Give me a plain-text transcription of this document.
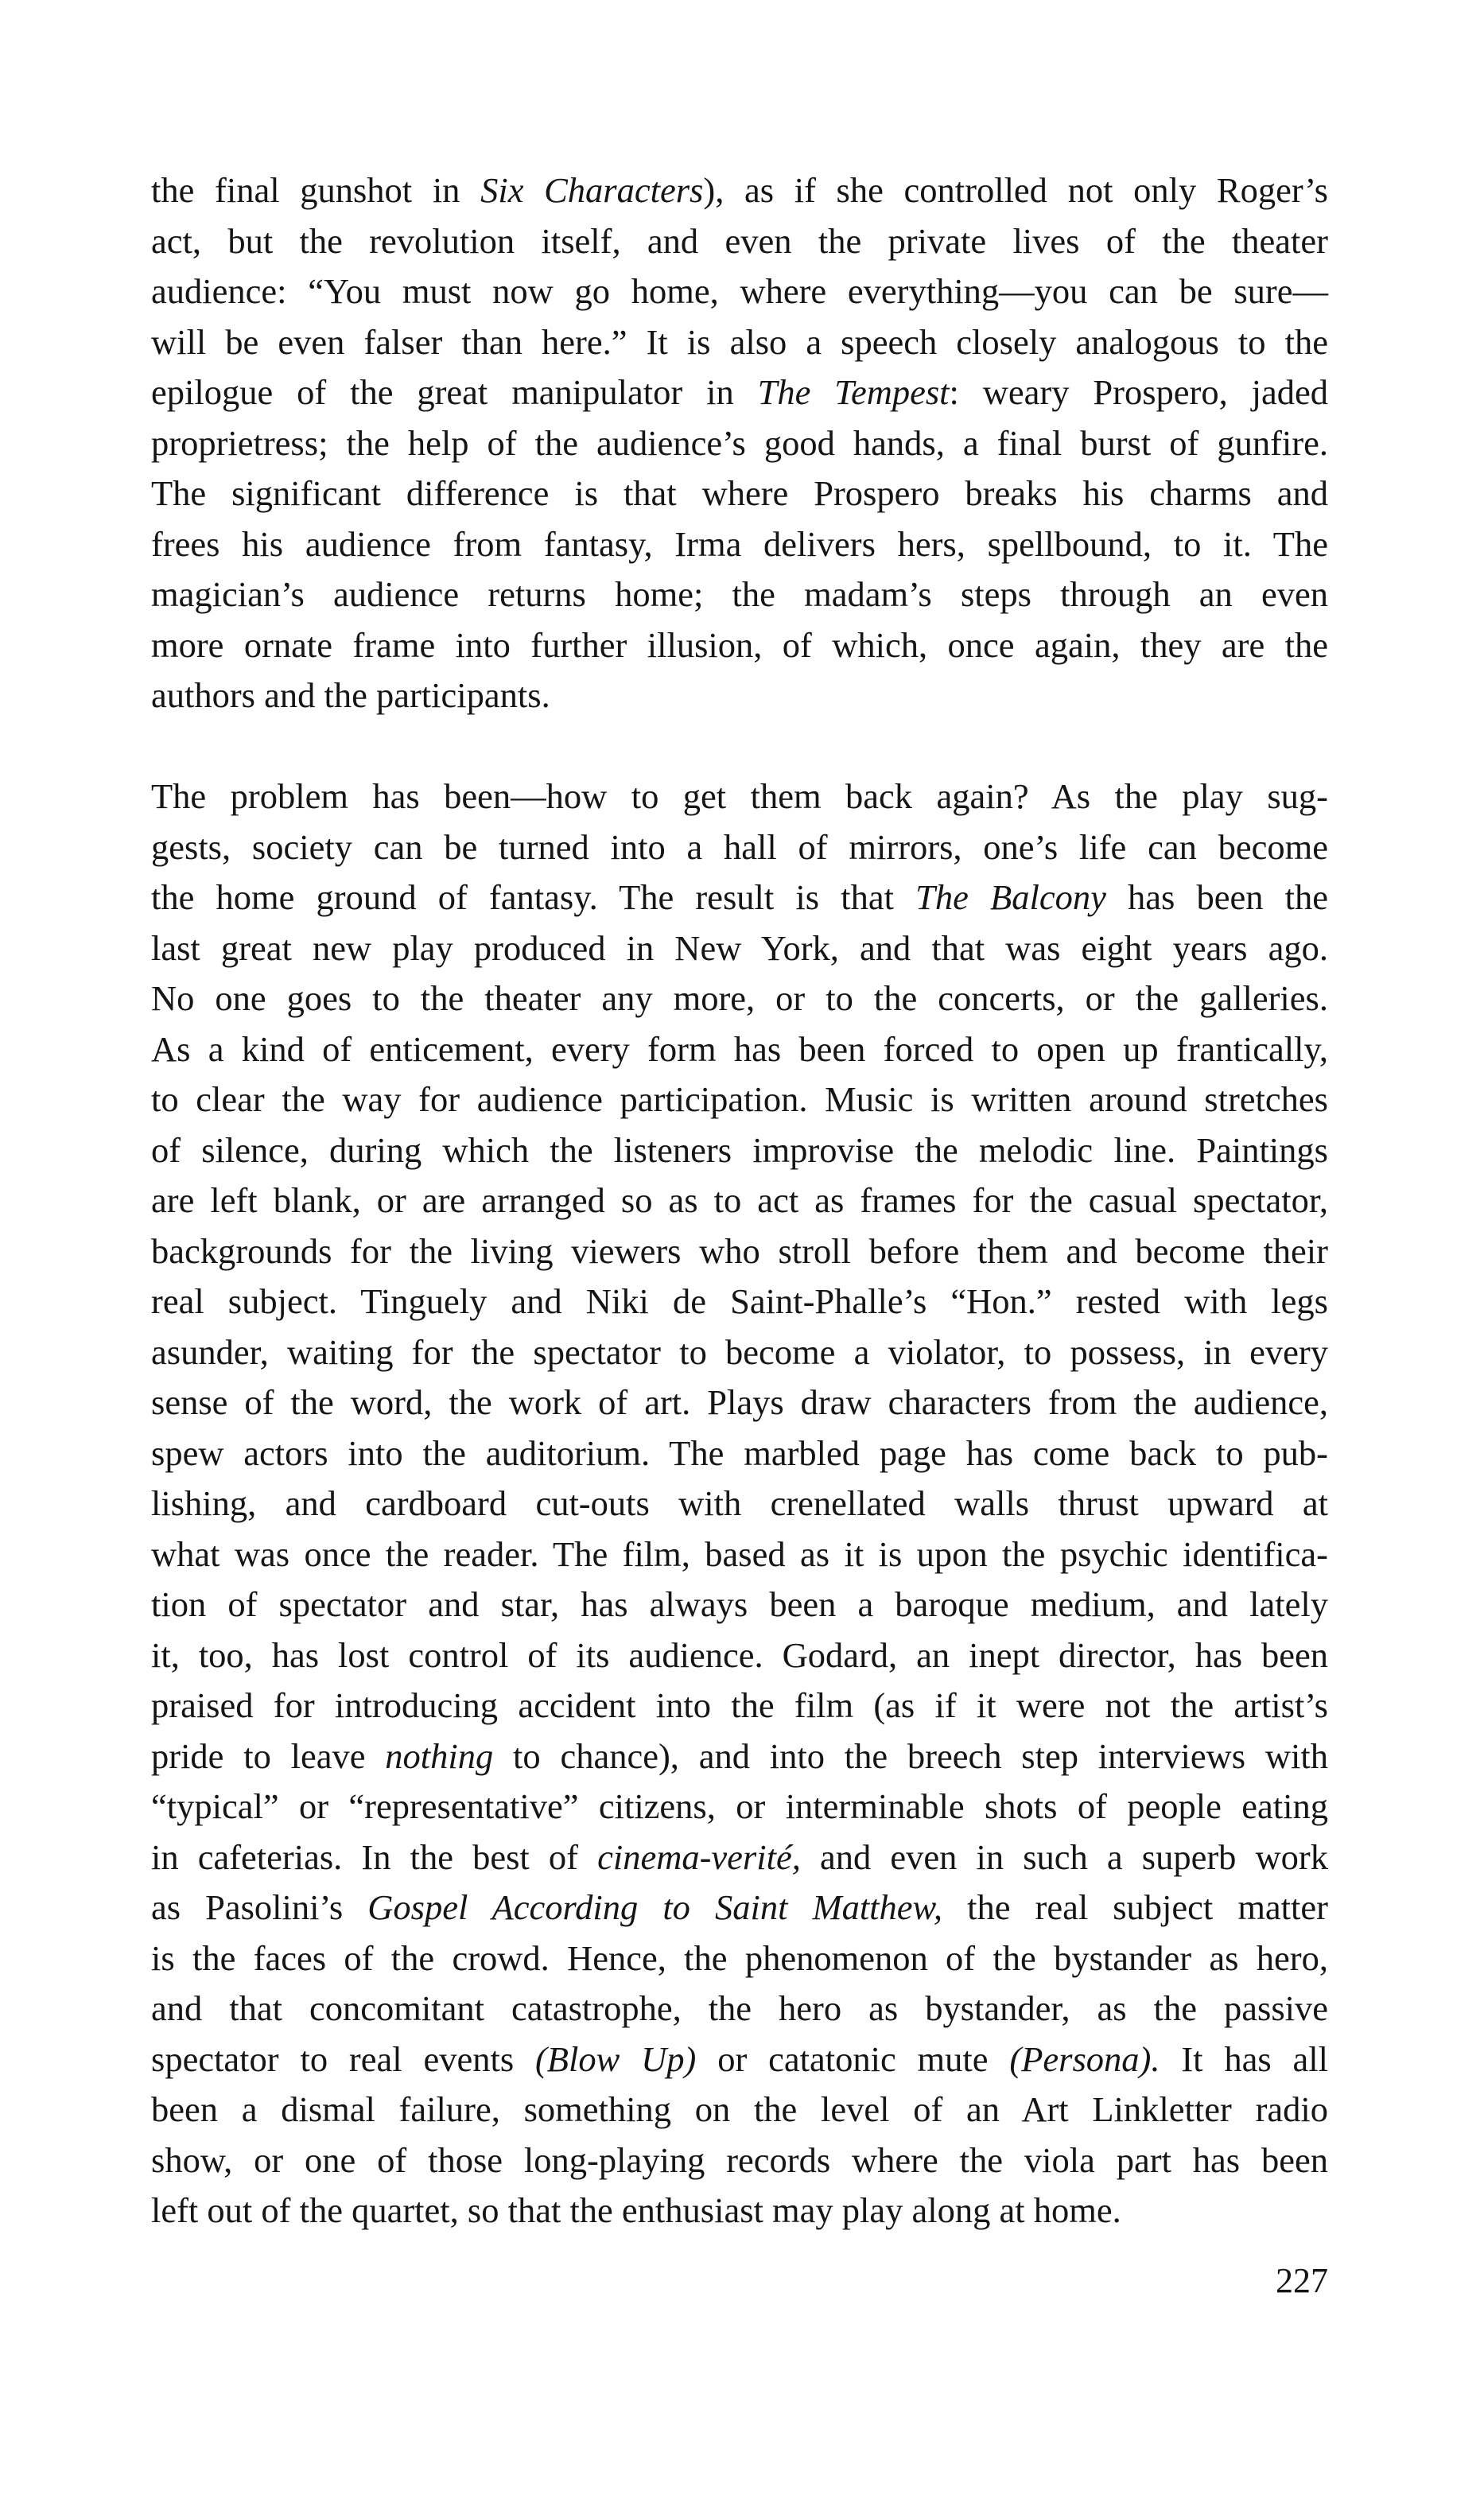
the final gunshot in Six Characters), as if she controlled not only Roger’s
act, but the revolution itself, and even the private lives of the theater
audience: “You must now go home, where everything—you can be sure—
will be even falser than here.” It is also a speech closely analogous to the
epilogue of the great manipulator in The Tempest: weary Prospero, jaded
proprietress; the help of the audience’s good hands, a final burst of gunfire.
The significant difference is that where Prospero breaks his charms and
frees his audience from fantasy, Irma delivers hers, spellbound, to it. The
magician’s audience returns home; the madam’s steps through an even
more ornate frame into further illusion, of which, once again, they are the
authors and the participants.
The problem has been—how to get them back again? As the play sug-
gests, society can be turned into a hall of mirrors, one’s life can become
the home ground of fantasy. The result is that The Balcony has been the
last great new play produced in New York, and that was eight years ago.
No one goes to the theater any more, or to the concerts, or the galleries.
As a kind of enticement, every form has been forced to open up frantically,
to clear the way for audience participation. Music is written around stretches
of silence, during which the listeners improvise the melodic line. Paintings
are left blank, or are arranged so as to act as frames for the casual spectator,
backgrounds for the living viewers who stroll before them and become their
real subject. Tinguely and Niki de Saint-Phalle’s “Hon.” rested with legs
asunder, waiting for the spectator to become a violator, to possess, in every
sense of the word, the work of art. Plays draw characters from the audience,
spew actors into the auditorium. The marbled page has come back to pub-
lishing, and cardboard cut-outs with crenellated walls thrust upward at
what was once the reader. The film, based as it is upon the psychic identifica-
tion of spectator and star, has always been a baroque medium, and lately
it, too, has lost control of its audience. Godard, an inept director, has been
praised for introducing accident into the film (as if it were not the artist’s
pride to leave nothing to chance), and into the breech step interviews with
“typical” or “representative” citizens, or interminable shots of people eating
in cafeterias. In the best of cinema-verité, and even in such a superb work
as Pasolini’s Gospel According to Saint Matthew, the real subject matter
is the faces of the crowd. Hence, the phenomenon of the bystander as hero,
and that concomitant catastrophe, the hero as bystander, as the passive
spectator to real events (Blow Up) or catatonic mute (Persona). It has all
been a dismal failure, something on the level of an Art Linkletter radio
show, or one of those long-playing records where the viola part has been
left out of the quartet, so that the enthusiast may play along at home.
227
